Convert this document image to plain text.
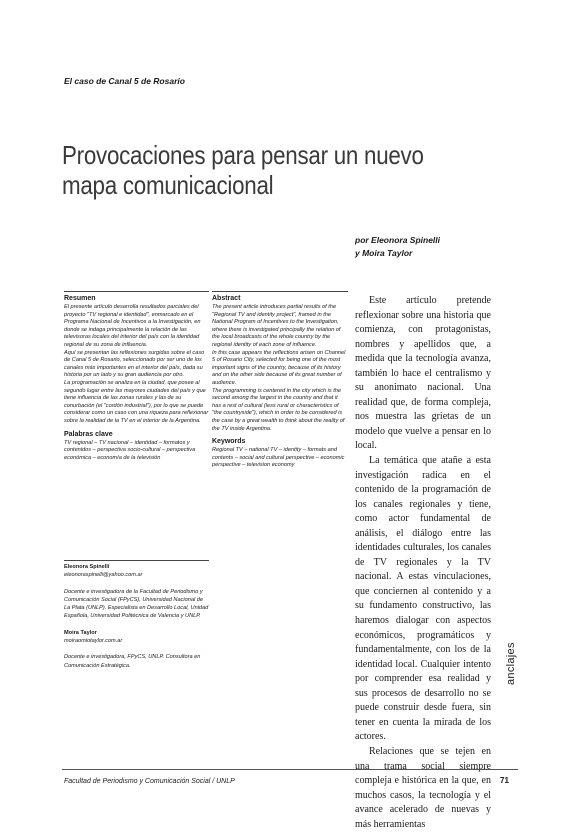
El caso de Canal 5 de Rosario
Provocaciones para pensar un nuevo mapa comunicacional
por Eleonora Spinelli
y Moira Taylor
Resumen

El presente artículo desarrolla resultados parciales del proyecto "TV regional e identidad", enmarcado en el Programa Nacional de Incentivos a la Investigación, en donde se indaga principalmente la relación de las televisoras locales del interior del país con la identidad regional de su zona de influencia.

Aquí se presentan las reflexiones surgidas sobre el caso de Canal 5 de Rosario, seleccionado por ser uno de los canales más importantes en el interior del país, dada su historia por un lado y su gran audiencia por otro.

La programación se analiza en la ciudad, que posee al segundo lugar entre las mayores ciudades del país y que tiene influencia de las zonas rurales y las de su conurbación (el "cordón industrial"), por lo que se puede considerar como un caso con una riqueza para reflexionar sobre la realidad de la TV en el interior de la Argentina.

Palabras clave

TV regional – TV nacional – identidad – formatos y contenidos – perspectiva socio-cultural – perspectiva económica – economía de la televisión

Abstract

The present article introduces partial results of the "Regional TV and identity project", framed in the National Program of Incentives to the Investigation, where there is investigated principally the relation of the local broadcasts of the whole country by the regional identity of each zone of influence.

In this case appears the reflections arisen on Channel 5 of Rosario City, selected for being one of the most important signs of the country, because of its history and on the other side because of its great number of audience.

The programming is centered in the city which is the second among the largest in the country and that it has a rest of cultural (less rural or characteristics of "the countryside"), which in order to be considered is the case by a great wealth to think about the reality of the TV inside Argentina.

Keywords

Regional TV – national TV – identity – formats and contents – social and cultural perspective – economic perspective – television economy

Este artículo pretende reflexionar sobre una historia que comienza, con protagonistas, nombres y apellidos que, a medida que la tecnología avanza, también lo hace el centralismo y su anonimato nacional. Una realidad que, de forma compleja, nos muestra las grietas de un modelo que vuelve a pensar en lo local.

La temática que atañe a esta investigación radica en el contenido de la programación de los canales regionales y tiene, como actor fundamental de análisis, el diálogo entre las identidades culturales, los canales de TV regionales y la TV nacional. A estas vinculaciones, que conciernen al contenido y a su fundamento constructivo, las haremos dialogar con aspectos económicos, programáticos y fundamentalmente, con los de la identidad local. Cualquier intento por comprender esa realidad y sus procesos de desarrollo no se puede construir desde fuera, sin tener en cuenta la mirada de los actores.

Relaciones que se tejen en una trama social siempre compleja e histórica en la que, en muchos casos, la tecnología y el avance acelerado de nuevas y más herramientas

Eleonora Spinelli
eleonoraspinelli@yahoo.com.ar
Docente e investigadora de la Facultad de Periodismo y Comunicación Social (FPyCS), Universidad Nacional de La Plata (UNLP). Especialista en Desarrollo Local, Unidad Española, Universidad Politécnica de Valencia y UNLP.
Moira Taylor
moiraomiotaylor.com.ar
Docente e investigadora, FPyCS, UNLP. Consultora en Comunicación Estratégica.	anclajes
Facultad de Periodismo y Comunicación Social / UNLP	71
